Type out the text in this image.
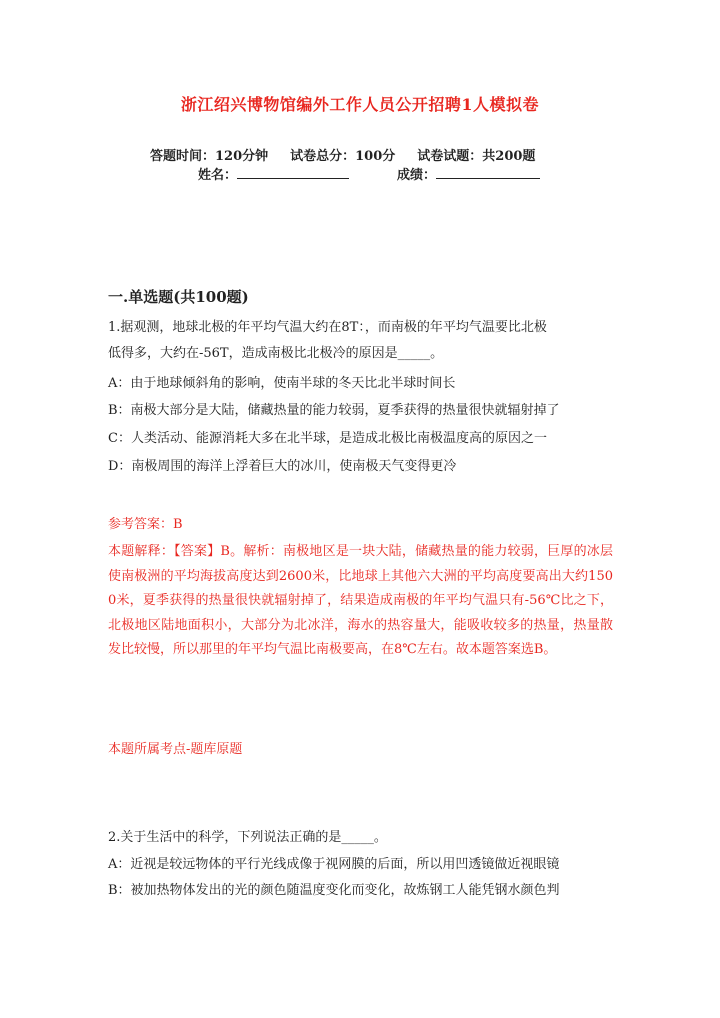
浙江绍兴博物馆编外工作人员公开招聘1人模拟卷
答题时间：120分钟 试卷总分：100分 试卷试题：共200题
姓名：	成绩：
一.单选题(共100题)
1.据观测，地球北极的年平均气温大约在8T：，而南极的年平均气温要比北极
低得多，大约在-56T，造成南极比北极冷的原因是_____。
A：由于地球倾斜角的影响，使南半球的冬天比北半球时间长
B：南极大部分是大陆，储藏热量的能力较弱，夏季获得的热量很快就辐射掉了
C：人类活动、能源消耗大多在北半球，是造成北极比南极温度高的原因之一
D：南极周围的海洋上浮着巨大的冰川，使南极天气变得更冷
参考答案：B
本题解释：【答案】B。解析：南极地区是一块大陆，储藏热量的能力较弱，巨厚的冰层使南极洲的平均海拔高度达到2600米，比地球上其他六大洲的平均高度要高出大约1500米，夏季获得的热量很快就辐射掉了，结果造成南极的年平均气温只有-56℃比之下，北极地区陆地面积小，大部分为北冰洋，海水的热容量大，能吸收较多的热量，热量散发比较慢，所以那里的年平均气温比南极要高，在8℃左右。故本题答案选B。
本题所属考点-题库原题
2.关于生活中的科学，下列说法正确的是_____。
A：近视是较远物体的平行光线成像于视网膜的后面，所以用凹透镜做近视眼镜
B：被加热物体发出的光的颜色随温度变化而变化，故炼钢工人能凭钢水颜色判
